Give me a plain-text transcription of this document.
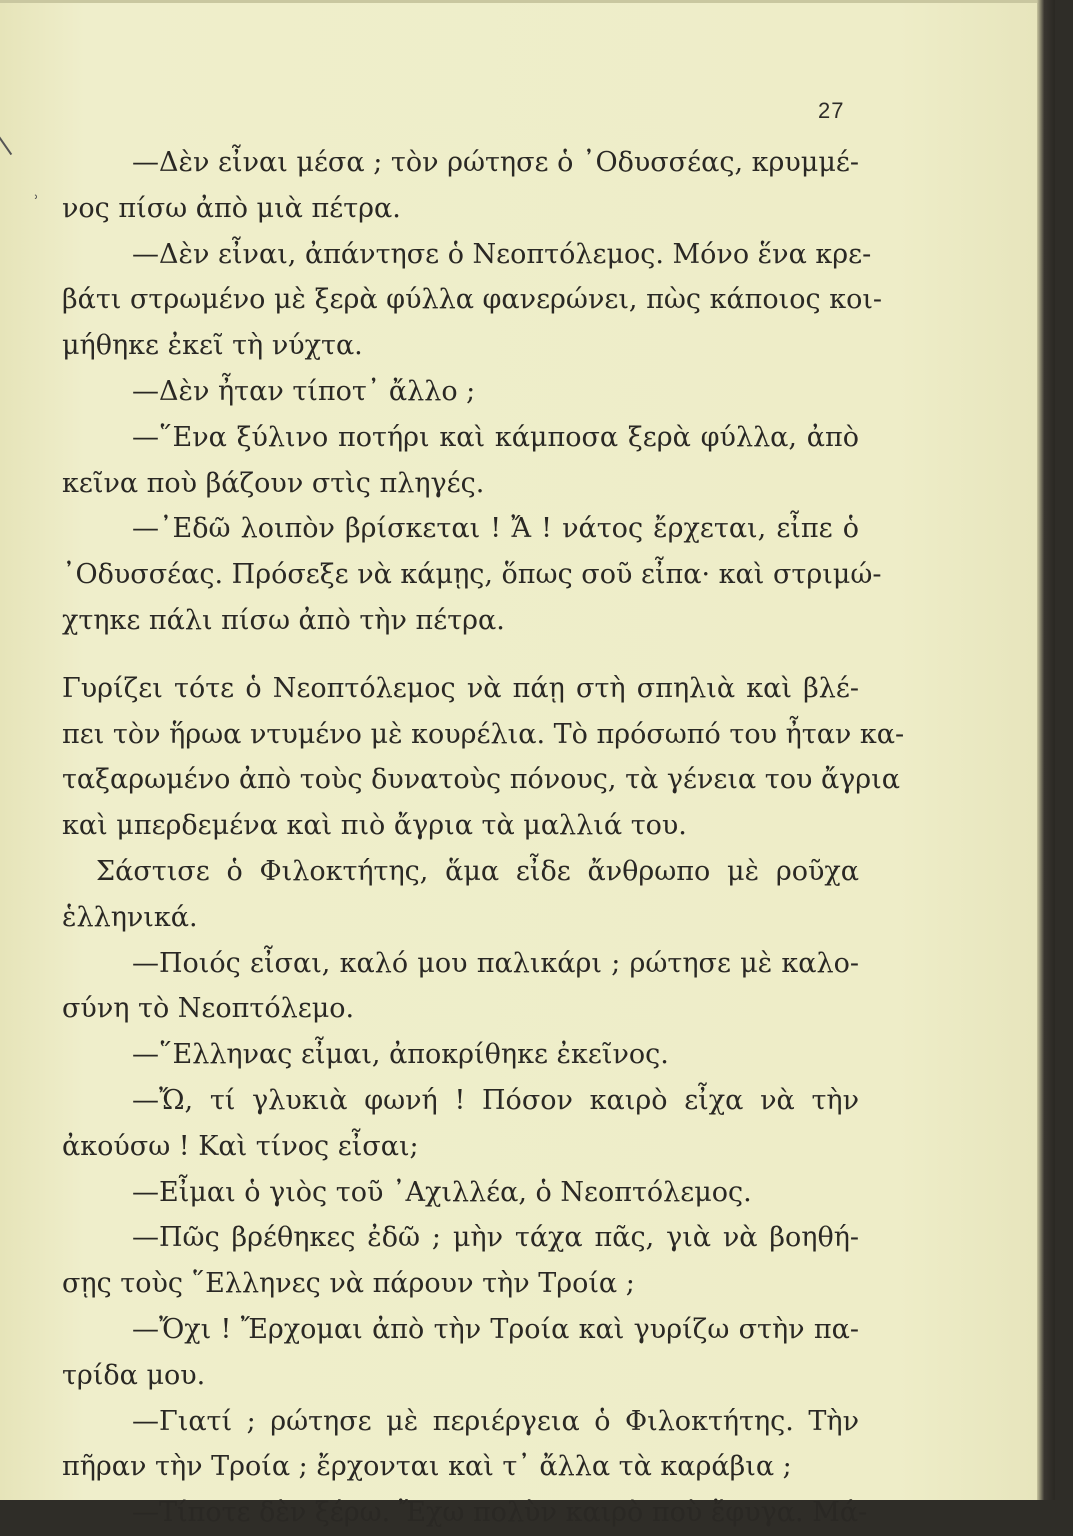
27
ʾ
—Δὲν εἶναι μέσα ; τὸν ρώτησε ὁ ᾿Οδυσσέας, κρυμμέ-
νος πίσω ἀπὸ μιὰ πέτρα.
—Δὲν εἶναι, ἀπάντησε ὁ Νεοπτόλεμος. Μόνο ἕνα κρε-
βάτι στρωμένο μὲ ξερὰ φύλλα φανερώνει, πὼς κάποιος κοι-
μήθηκε ἐκεῖ τὴ νύχτα.
—Δὲν ἦταν τίποτ᾿ ἄλλο ;
—῞Ενα ξύλινο ποτήρι καὶ κάμποσα ξερὰ φύλλα, ἀπὸ
κεῖνα ποὺ βάζουν στὶς πληγές.
—᾿Εδῶ λοιπὸν βρίσκεται ! Ἄ ! νάτος ἔρχεται, εἶπε ὁ
᾿Οδυσσέας. Πρόσεξε νὰ κάμῃς, ὅπως σοῦ εἶπα· καὶ στριμώ-
χτηκε πάλι πίσω ἀπὸ τὴν πέτρα.
Γυρίζει τότε ὁ Νεοπτόλεμος νὰ πάῃ στὴ σπηλιὰ καὶ βλέ-
πει τὸν ἥρωα ντυμένο μὲ κουρέλια. Τὸ πρόσωπό του ἦταν κα-
ταξαρωμένο ἀπὸ τοὺς δυνατοὺς πόνους, τὰ γένεια του ἄγρια
καὶ μπερδεμένα καὶ πιὸ ἄγρια τὰ μαλλιά του.
Σάστισε ὁ Φιλοκτήτης, ἅμα εἶδε ἄνθρωπο μὲ ροῦχα
ἑλληνικά.
—Ποιός εἶσαι, καλό μου παλικάρι ; ρώτησε μὲ καλο-
σύνη τὸ Νεοπτόλεμο.
—῞Ελληνας εἶμαι, ἀποκρίθηκε ἐκεῖνος.
—Ὤ, τί γλυκιὰ φωνή ! Πόσον καιρὸ εἶχα νὰ τὴν
ἀκούσω ! Καὶ τίνος εἶσαι;
—Εἶμαι ὁ γιὸς τοῦ ᾿Αχιλλέα, ὁ Νεοπτόλεμος.
—Πῶς βρέθηκες ἐδῶ ; μὴν τάχα πᾶς, γιὰ νὰ βοηθή-
σῃς τοὺς ῞Ελληνες νὰ πάρουν τὴν Τροία ;
—Ὄχι ! Ἔρχομαι ἀπὸ τὴν Τροία καὶ γυρίζω στὴν πα-
τρίδα μου.
—Γιατί ; ρώτησε μὲ περιέργεια ὁ Φιλοκτήτης. Τὴν
πῆραν τὴν Τροία ; ἔρχονται καὶ τ᾿ ἄλλα τὰ καράβια ;
—Τίποτε δὲν ξέρω. Ἔχω πολὺν καιρὸ ποὺ ἔφυγα. Μά-
